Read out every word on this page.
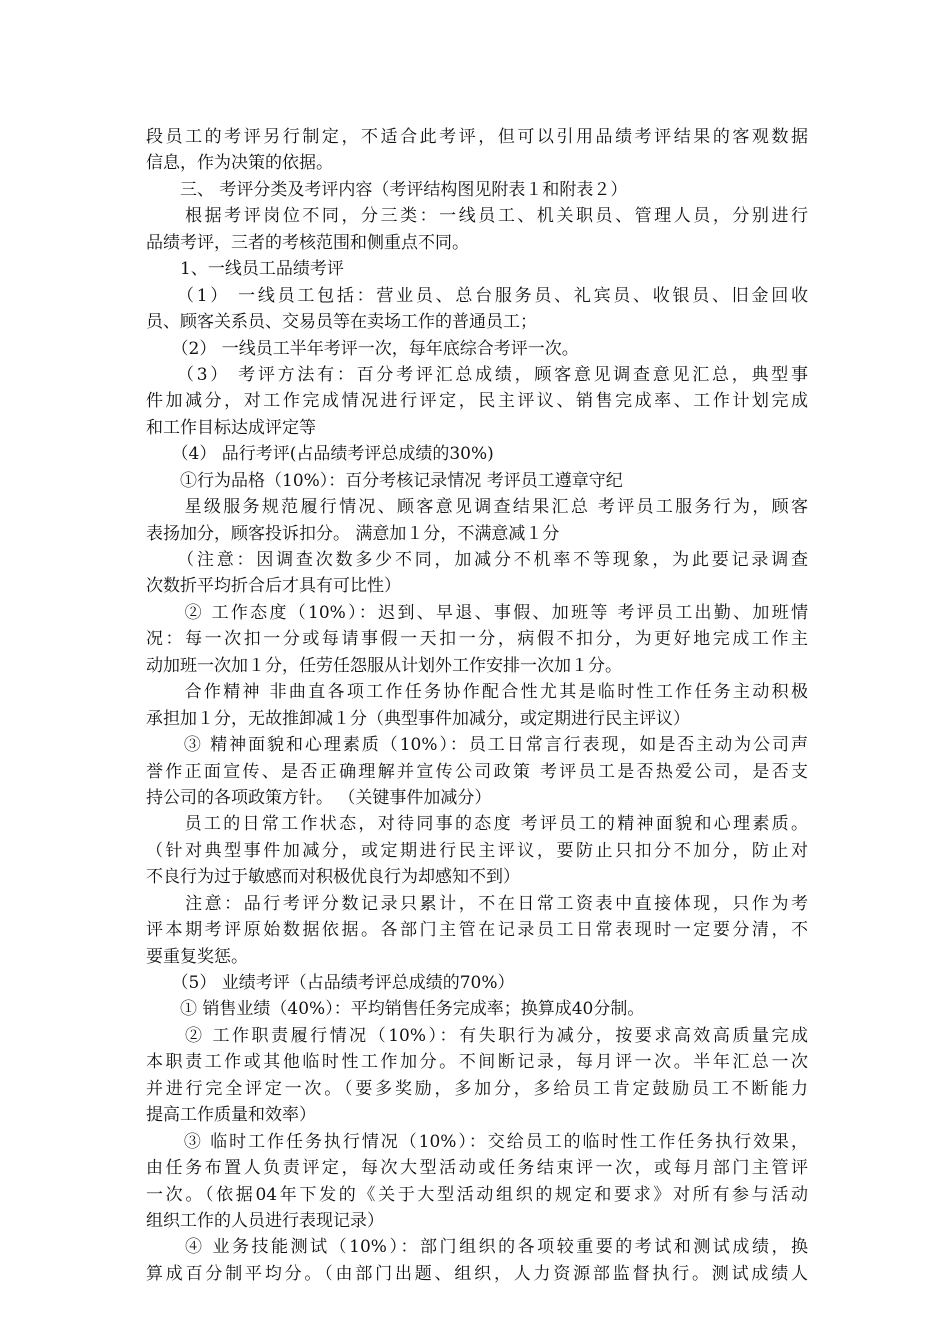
段员工的考评另行制定，不适合此考评，但可以引用品绩考评结果的客观数据
信息，作为决策的依据。
　　三、 考评分类及考评内容（考评结构图见附表１和附表２）
　　根据考评岗位不同，分三类：一线员工、机关职员、管理人员，分别进行
品绩考评，三者的考核范围和侧重点不同。
　　1、一线员工品绩考评
　　（1） 一线员工包括：营业员、总台服务员、礼宾员、收银员、旧金回收
员、顾客关系员、交易员等在卖场工作的普通员工；
　　（2） 一线员工半年考评一次，每年底综合考评一次。
　　（3） 考评方法有：百分考评汇总成绩，顾客意见调查意见汇总，典型事
件加减分，对工作完成情况进行评定，民主评议、销售完成率、工作计划完成
和工作目标达成评定等
　　（4） 品行考评(占品绩考评总成绩的30%)
　　①行为品格（10%）：百分考核记录情况 考评员工遵章守纪
　　星级服务规范履行情况、顾客意见调查结果汇总 考评员工服务行为，顾客
表扬加分，顾客投诉扣分。 满意加１分，不满意减１分
　　（注意：因调查次数多少不同，加减分不机率不等现象，为此要记录调查
次数折平均折合后才具有可比性）
　　② 工作态度（10%）：迟到、早退、事假、加班等 考评员工出勤、加班情
况：每一次扣一分或每请事假一天扣一分，病假不扣分，为更好地完成工作主
动加班一次加１分，任劳任怨服从计划外工作安排一次加１分。
　　合作精神 非曲直各项工作任务协作配合性尤其是临时性工作任务主动积极
承担加１分，无故推卸减１分（典型事件加减分，或定期进行民主评议）
　　③ 精神面貌和心理素质（10%）：员工日常言行表现，如是否主动为公司声
誉作正面宣传、是否正确理解并宣传公司政策 考评员工是否热爱公司，是否支
持公司的各项政策方针。 （关键事件加减分）
　　员工的日常工作状态，对待同事的态度 考评员工的精神面貌和心理素质。
（针对典型事件加减分，或定期进行民主评议，要防止只扣分不加分，防止对
不良行为过于敏感而对积极优良行为却感知不到）
　　注意：品行考评分数记录只累计，不在日常工资表中直接体现，只作为考
评本期考评原始数据依据。各部门主管在记录员工日常表现时一定要分清，不
要重复奖惩。
　　（5） 业绩考评（占品绩考评总成绩的70%）
　　① 销售业绩（40%）：平均销售任务完成率；换算成40分制。
　　② 工作职责履行情况（10%）：有失职行为减分，按要求高效高质量完成
本职责工作或其他临时性工作加分。不间断记录，每月评一次。半年汇总一次
并进行完全评定一次。（要多奖励，多加分，多给员工肯定鼓励员工不断能力
提高工作质量和效率）
　　③ 临时工作任务执行情况（10%）：交给员工的临时性工作任务执行效果，
由任务布置人负责评定，每次大型活动或任务结束评一次，或每月部门主管评
一次。（依据04年下发的《关于大型活动组织的规定和要求》对所有参与活动
组织工作的人员进行表现记录）
　　④ 业务技能测试（10%）：部门组织的各项较重要的考试和测试成绩，换
算成百分制平均分。（由部门出题、组织，人力资源部监督执行。测试成绩人
